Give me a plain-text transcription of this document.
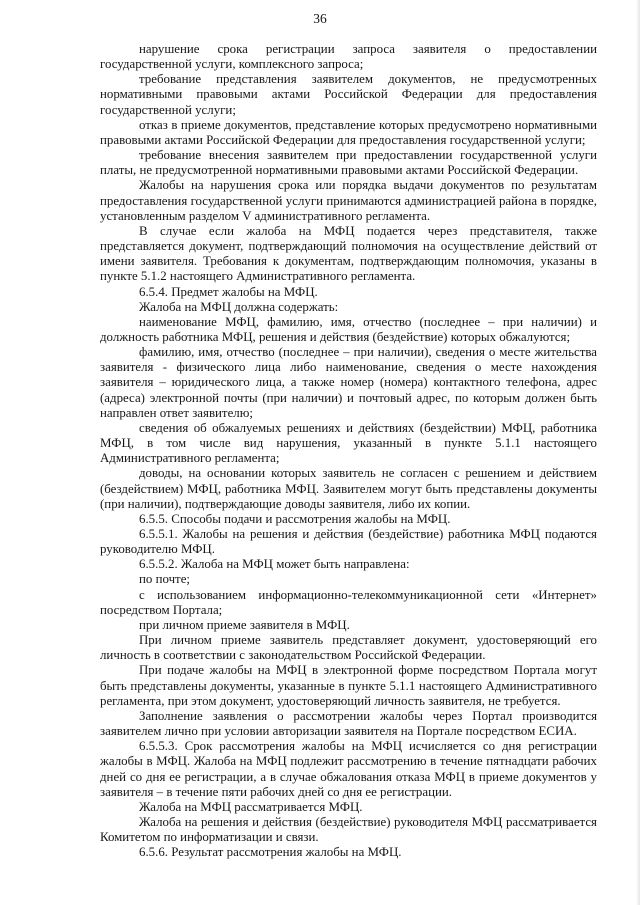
36

нарушение срока регистрации запроса заявителя о предоставлении государственной услуги, комплексного запроса;

требование представления заявителем документов, не предусмотренных нормативными правовыми актами Российской Федерации для предоставления государственной услуги;

отказ в приеме документов, представление которых предусмотрено нормативными правовыми актами Российской Федерации для предоставления государственной услуги;

требование внесения заявителем при предоставлении государственной услуги платы, не предусмотренной нормативными правовыми актами Российской Федерации.

Жалобы на нарушения срока или порядка выдачи документов по результатам предоставления государственной услуги принимаются администрацией района в порядке, установленным разделом V административного регламента.

В случае если жалоба на МФЦ подается через представителя, также представляется документ, подтверждающий полномочия на осуществление действий от имени заявителя. Требования к документам, подтверждающим полномочия, указаны в пункте 5.1.2 настоящего Административного регламента.

6.5.4. Предмет жалобы на МФЦ.

Жалоба на МФЦ должна содержать:

наименование МФЦ, фамилию, имя, отчество (последнее – при наличии) и должность работника МФЦ, решения и действия (бездействие) которых обжалуются;

фамилию, имя, отчество (последнее – при наличии), сведения о месте жительства заявителя - физического лица либо наименование, сведения о месте нахождения заявителя – юридического лица, а также номер (номера) контактного телефона, адрес (адреса) электронной почты (при наличии) и почтовый адрес, по которым должен быть направлен ответ заявителю;

сведения об обжалуемых решениях и действиях (бездействии) МФЦ, работника МФЦ, в том числе вид нарушения, указанный в пункте 5.1.1 настоящего Административного регламента;

доводы, на основании которых заявитель не согласен с решением и действием (бездействием) МФЦ, работника МФЦ. Заявителем могут быть представлены документы (при наличии), подтверждающие доводы заявителя, либо их копии.

6.5.5. Способы подачи и рассмотрения жалобы на МФЦ.

6.5.5.1. Жалобы на решения и действия (бездействие) работника МФЦ подаются руководителю МФЦ.

6.5.5.2. Жалоба на МФЦ может быть направлена:

по почте;

с использованием информационно-телекоммуникационной сети «Интернет» посредством Портала;

при личном приеме заявителя в МФЦ.

При личном приеме заявитель представляет документ, удостоверяющий его личность в соответствии с законодательством Российской Федерации.

При подаче жалобы на МФЦ в электронной форме посредством Портала могут быть представлены документы, указанные в пункте 5.1.1 настоящего Административного регламента, при этом документ, удостоверяющий личность заявителя, не требуется.

Заполнение заявления о рассмотрении жалобы через Портал производится заявителем лично при условии авторизации заявителя на Портале посредством ЕСИА.

6.5.5.3. Срок рассмотрения жалобы на МФЦ исчисляется со дня регистрации жалобы в МФЦ. Жалоба на МФЦ подлежит рассмотрению в течение пятнадцати рабочих дней со дня ее регистрации, а в случае обжалования отказа МФЦ в приеме документов у заявителя – в течение пяти рабочих дней со дня ее регистрации.

Жалоба на МФЦ рассматривается МФЦ.

Жалоба на решения и действия (бездействие) руководителя МФЦ рассматривается Комитетом по информатизации и связи.

6.5.6. Результат рассмотрения жалобы на МФЦ.
